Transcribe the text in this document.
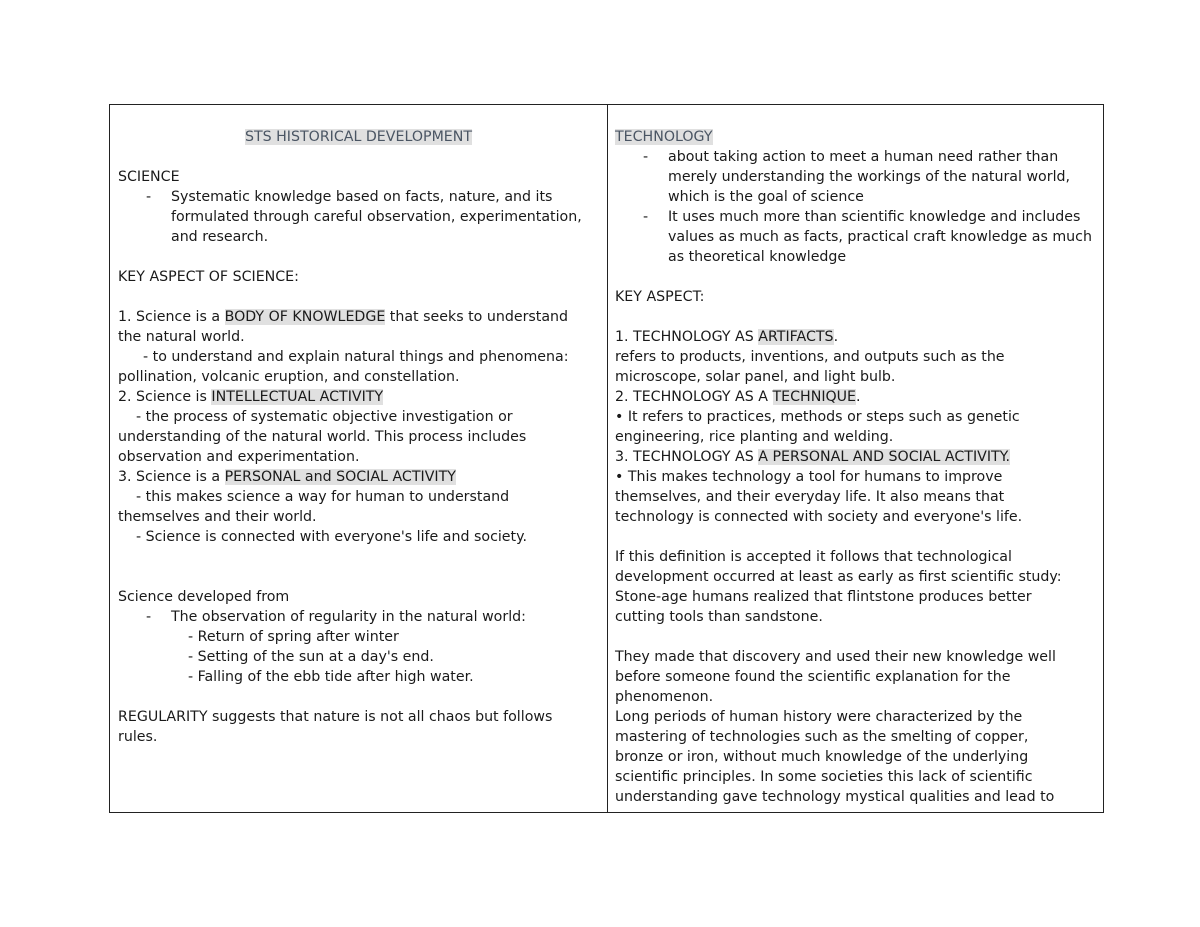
STS HISTORICAL DEVELOPMENT
SCIENCE
-	Systematic knowledge based on facts, nature, and its formulated through careful observation, experimentation, and research.
KEY ASPECT OF SCIENCE:
1. Science is a BODY OF KNOWLEDGE that seeks to understand
the natural world.
- to understand and explain natural things and phenomena:
pollination, volcanic eruption, and constellation.
2. Science is INTELLECTUAL ACTIVITY
- the process of systematic objective investigation or
understanding of the natural world. This process includes
observation and experimentation.
3. Science is a PERSONAL and SOCIAL ACTIVITY
- this makes science a way for human to understand
themselves and their world.
- Science is connected with everyone's life and society.
Science developed from
-	The observation of regularity in the natural world:
- Return of spring after winter
- Setting of the sun at a day's end.
- Falling of the ebb tide after high water.
REGULARITY suggests that nature is not all chaos but follows
rules.
TECHNOLOGY
-	about taking action to meet a human need rather than merely understanding the workings of the natural world, which is the goal of science
-	It uses much more than scientific knowledge and includes values as much as facts, practical craft knowledge as much as theoretical knowledge
KEY ASPECT:
1. TECHNOLOGY AS ARTIFACTS.
refers to products, inventions, and outputs such as the
microscope, solar panel, and light bulb.
2. TECHNOLOGY AS A TECHNIQUE.
• It refers to practices, methods or steps such as genetic
engineering, rice planting and welding.
3. TECHNOLOGY AS A PERSONAL AND SOCIAL ACTIVITY.
• This makes technology a tool for humans to improve
themselves, and their everyday life. It also means that
technology is connected with society and everyone's life.
If this definition is accepted it follows that technological
development occurred at least as early as first scientific study:
Stone-age humans realized that flintstone produces better
cutting tools than sandstone.
They made that discovery and used their new knowledge well
before someone found the scientific explanation for the
phenomenon.
Long periods of human history were characterized by the
mastering of technologies such as the smelting of copper,
bronze or iron, without much knowledge of the underlying
scientific principles. In some societies this lack of scientific
understanding gave technology mystical qualities and lead to
